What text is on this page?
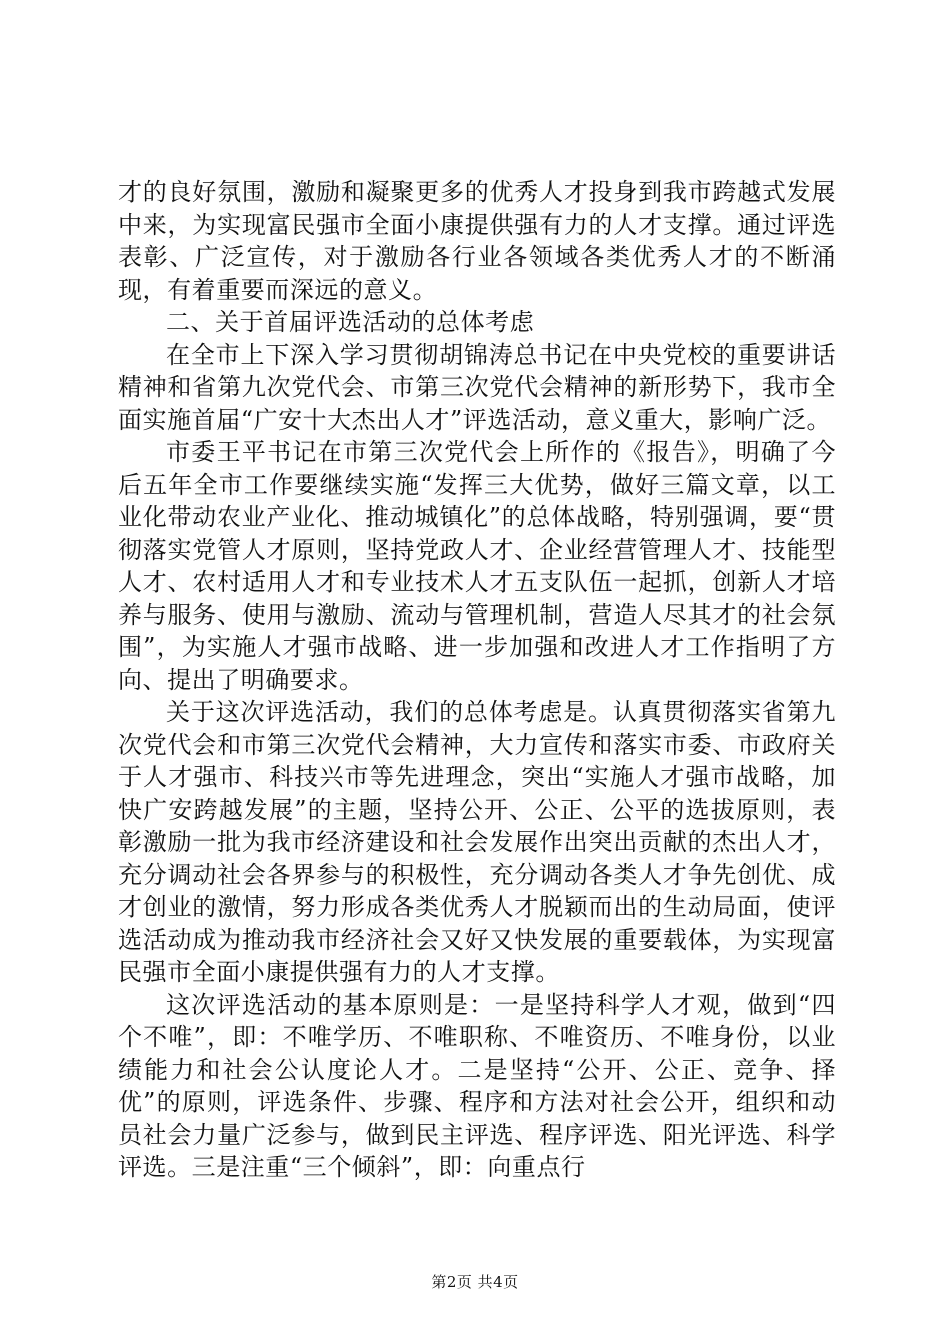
才的良好氛围，激励和凝聚更多的优秀人才投身到我市跨越式发展中来，为实现富民强市全面小康提供强有力的人才支撑。通过评选表彰、广泛宣传，对于激励各行业各领域各类优秀人才的不断涌现，有着重要而深远的意义。

二、关于首届评选活动的总体考虑

在全市上下深入学习贯彻胡锦涛总书记在中央党校的重要讲话精神和省第九次党代会、市第三次党代会精神的新形势下，我市全面实施首届“广安十大杰出人才”评选活动，意义重大，影响广泛。

市委王平书记在市第三次党代会上所作的《报告》，明确了今后五年全市工作要继续实施“发挥三大优势，做好三篇文章，以工业化带动农业产业化、推动城镇化”的总体战略，特别强调，要“贯彻落实党管人才原则，坚持党政人才、企业经营管理人才、技能型人才、农村适用人才和专业技术人才五支队伍一起抓，创新人才培养与服务、使用与激励、流动与管理机制，营造人尽其才的社会氛围”，为实施人才强市战略、进一步加强和改进人才工作指明了方向、提出了明确要求。

关于这次评选活动，我们的总体考虑是。认真贯彻落实省第九次党代会和市第三次党代会精神，大力宣传和落实市委、市政府关于人才强市、科技兴市等先进理念，突出“实施人才强市战略，加快广安跨越发展”的主题，坚持公开、公正、公平的选拔原则，表彰激励一批为我市经济建设和社会发展作出突出贡献的杰出人才，充分调动社会各界参与的积极性，充分调动各类人才争先创优、成才创业的激情，努力形成各类优秀人才脱颖而出的生动局面，使评选活动成为推动我市经济社会又好又快发展的重要载体，为实现富民强市全面小康提供强有力的人才支撑。

这次评选活动的基本原则是：一是坚持科学人才观，做到“四个不唯”，即：不唯学历、不唯职称、不唯资历、不唯身份，以业绩能力和社会公认度论人才。二是坚持“公开、公正、竞争、择优”的原则，评选条件、步骤、程序和方法对社会公开，组织和动员社会力量广泛参与，做到民主评选、程序评选、阳光评选、科学评选。三是注重“三个倾斜”，即：向重点行

第2页 共4页
